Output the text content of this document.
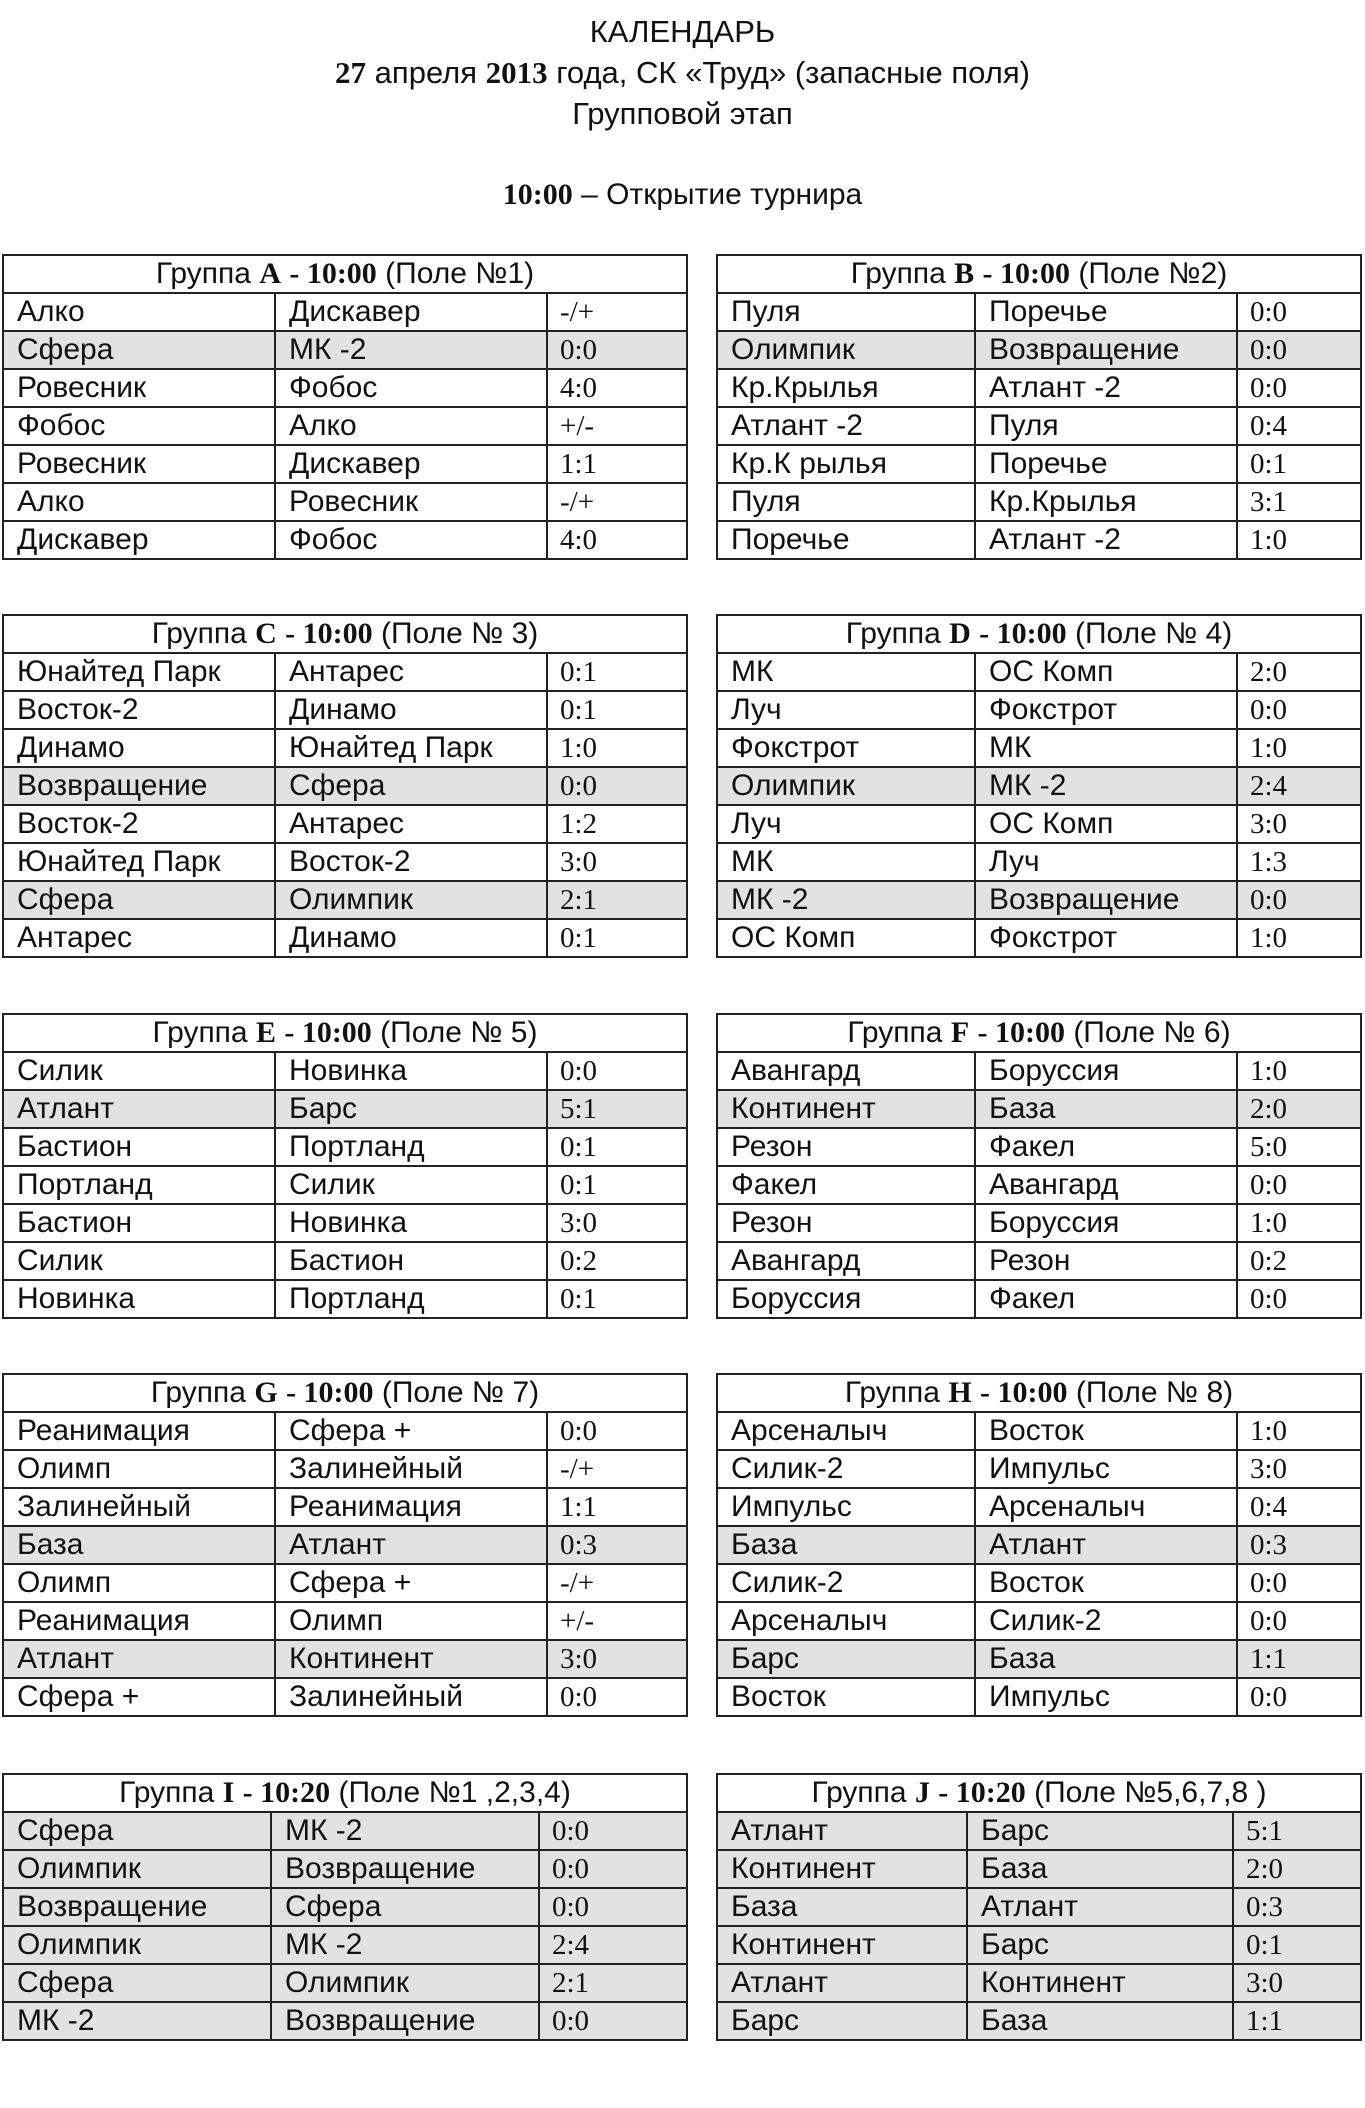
КАЛЕНДАРЬ
27 апреля 2013 года, СК «Труд» (запасные поля)
Групповой этап
10:00 – Открытие турнира
Группа A - 10:00 (Поле №1)		
Алко	Дискавер	-/+
Сфера	МК -2	0:0
Ровесник	Фобос	4:0
Фобос	Алко	+/-
Ровесник	Дискавер	1:1
Алко	Ровесник	-/+
Дискавер	Фобос	4:0
Группа B - 10:00 (Поле №2)		
Пуля	Поречье	0:0
Олимпик	Возвращение	0:0
Кр.Крылья	Атлант -2	0:0
Атлант -2	Пуля	0:4
Кр.К рылья	Поречье	0:1
Пуля	Кр.Крылья	3:1
Поречье	Атлант -2	1:0
Группа C - 10:00 (Поле № 3)		
Юнайтед Парк	Антарес	0:1
Восток-2	Динамо	0:1
Динамо	Юнайтед Парк	1:0
Возвращение	Сфера	0:0
Восток-2	Антарес	1:2
Юнайтед Парк	Восток-2	3:0
Сфера	Олимпик	2:1
Антарес	Динамо	0:1
Группа D - 10:00 (Поле № 4)		
МК	ОС Комп	2:0
Луч	Фокстрот	0:0
Фокстрот	МК	1:0
Олимпик	МК -2	2:4
Луч	ОС Комп	3:0
МК	Луч	1:3
МК -2	Возвращение	0:0
ОС Комп	Фокстрот	1:0
Группа E - 10:00 (Поле № 5)		
Силик	Новинка	0:0
Атлант	Барс	5:1
Бастион	Портланд	0:1
Портланд	Силик	0:1
Бастион	Новинка	3:0
Силик	Бастион	0:2
Новинка	Портланд	0:1
Группа F - 10:00 (Поле № 6)		
Авангард	Боруссия	1:0
Континент	База	2:0
Резон	Факел	5:0
Факел	Авангард	0:0
Резон	Боруссия	1:0
Авангард	Резон	0:2
Боруссия	Факел	0:0
Группа G - 10:00 (Поле № 7)		
Реанимация	Сфера +	0:0
Олимп	Залинейный	-/+
Залинейный	Реанимация	1:1
База	Атлант	0:3
Олимп	Сфера +	-/+
Реанимация	Олимп	+/-
Атлант	Континент	3:0
Сфера +	Залинейный	0:0
Группа H - 10:00 (Поле № 8)		
Арсеналыч	Восток	1:0
Силик-2	Импульс	3:0
Импульс	Арсеналыч	0:4
База	Атлант	0:3
Силик-2	Восток	0:0
Арсеналыч	Силик-2	0:0
Барс	База	1:1
Восток	Импульс	0:0
Группа I - 10:20 (Поле №1 ,2,3,4)		
Сфера	МК -2	0:0
Олимпик	Возвращение	0:0
Возвращение	Сфера	0:0
Олимпик	МК -2	2:4
Сфера	Олимпик	2:1
МК -2	Возвращение	0:0
Группа J - 10:20 (Поле №5,6,7,8 )		
Атлант	Барс	5:1
Континент	База	2:0
База	Атлант	0:3
Континент	Барс	0:1
Атлант	Континент	3:0
Барс	База	1:1
